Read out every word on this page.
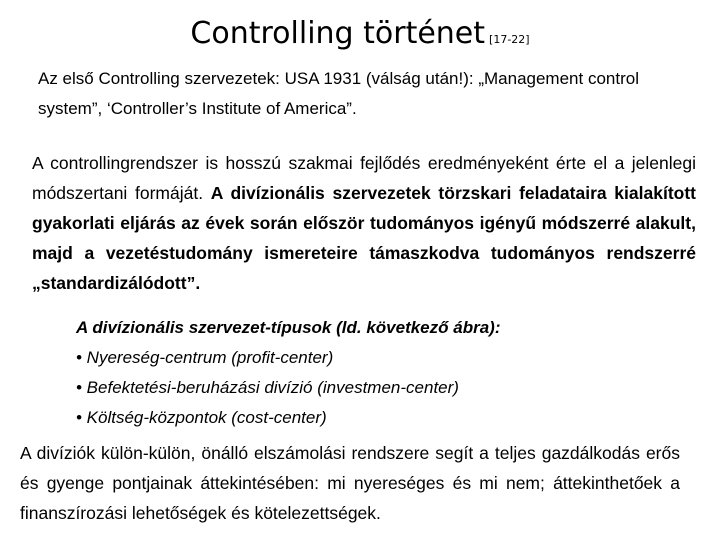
Controlling történet [17-22]
Az első Controlling szervezetek: USA 1931 (válság után!): „Management control system”, ‘Controller’s Institute of America”.
A controllingrendszer is hosszú szakmai fejlődés eredményeként érte el a jelenlegi módszertani formáját. A divízionális szervezetek törzskari feladataira kialakított gyakorlati eljárás az évek során először tudományos igényű módszerré alakult, majd a vezetéstudomány ismereteire támaszkodva tudományos rendszerré „standardizálódott”.
A divízionális szervezet-típusok (ld. következő ábra):
• Nyereség-centrum (profit-center)
• Befektetési-beruházási divízió (investmen-center)
• Költség-központok (cost-center)
A divíziók külön-külön, önálló elszámolási rendszere segít a teljes gazdálkodás erős és gyenge pontjainak áttekintésében: mi nyereséges és mi nem; áttekinthetőek a finanszírozási lehetőségek és kötelezettségek.
